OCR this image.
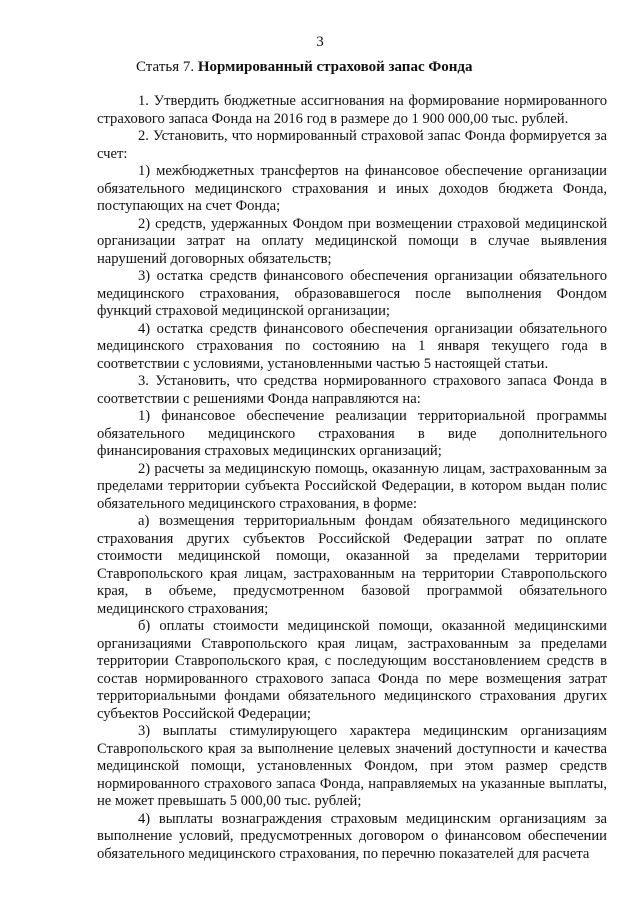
3
Статья 7. Нормированный страховой запас Фонда

1. Утвердить бюджетные ассигнования на формирование нормированного страхового запаса Фонда на 2016 год в размере до 1 900 000,00 тыс. рублей.

2. Установить, что нормированный страховой запас Фонда формируется за счет:

1) межбюджетных трансфертов на финансовое обеспечение организации обязательного медицинского страхования и иных доходов бюджета Фонда, поступающих на счет Фонда;

2) средств, удержанных Фондом при возмещении страховой медицинской организации затрат на оплату медицинской помощи в случае выявления нарушений договорных обязательств;

3) остатка средств финансового обеспечения организации обязательного медицинского страхования, образовавшегося после выполнения Фондом функций страховой медицинской организации;

4) остатка средств финансового обеспечения организации обязательного медицинского страхования по состоянию на 1 января текущего года в соответствии с условиями, установленными частью 5 настоящей статьи.

3. Установить, что средства нормированного страхового запаса Фонда в соответствии с решениями Фонда направляются на:

1) финансовое обеспечение реализации территориальной программы обязательного медицинского страхования в виде дополнительного финансирования страховых медицинских организаций;

2) расчеты за медицинскую помощь, оказанную лицам, застрахованным за пределами территории субъекта Российской Федерации, в котором выдан полис обязательного медицинского страхования, в форме:

а) возмещения территориальным фондам обязательного медицинского страхования других субъектов Российской Федерации затрат по оплате стоимости медицинской помощи, оказанной за пределами территории Ставропольского края лицам, застрахованным на территории Ставропольского края, в объеме, предусмотренном базовой программой обязательного медицинского страхования;

б) оплаты стоимости медицинской помощи, оказанной медицинскими организациями Ставропольского края лицам, застрахованным за пределами территории Ставропольского края, с последующим восстановлением средств в состав нормированного страхового запаса Фонда по мере возмещения затрат территориальными фондами обязательного медицинского страхования других субъектов Российской Федерации;

3) выплаты стимулирующего характера медицинским организациям Ставропольского края за выполнение целевых значений доступности и качества медицинской помощи, установленных Фондом, при этом размер средств нормированного страхового запаса Фонда, направляемых на указанные выплаты, не может превышать 5 000,00 тыс. рублей;

4) выплаты вознаграждения страховым медицинским организациям за выполнение условий, предусмотренных договором о финансовом обеспечении обязательного медицинского страхования, по перечню показателей для расчета
